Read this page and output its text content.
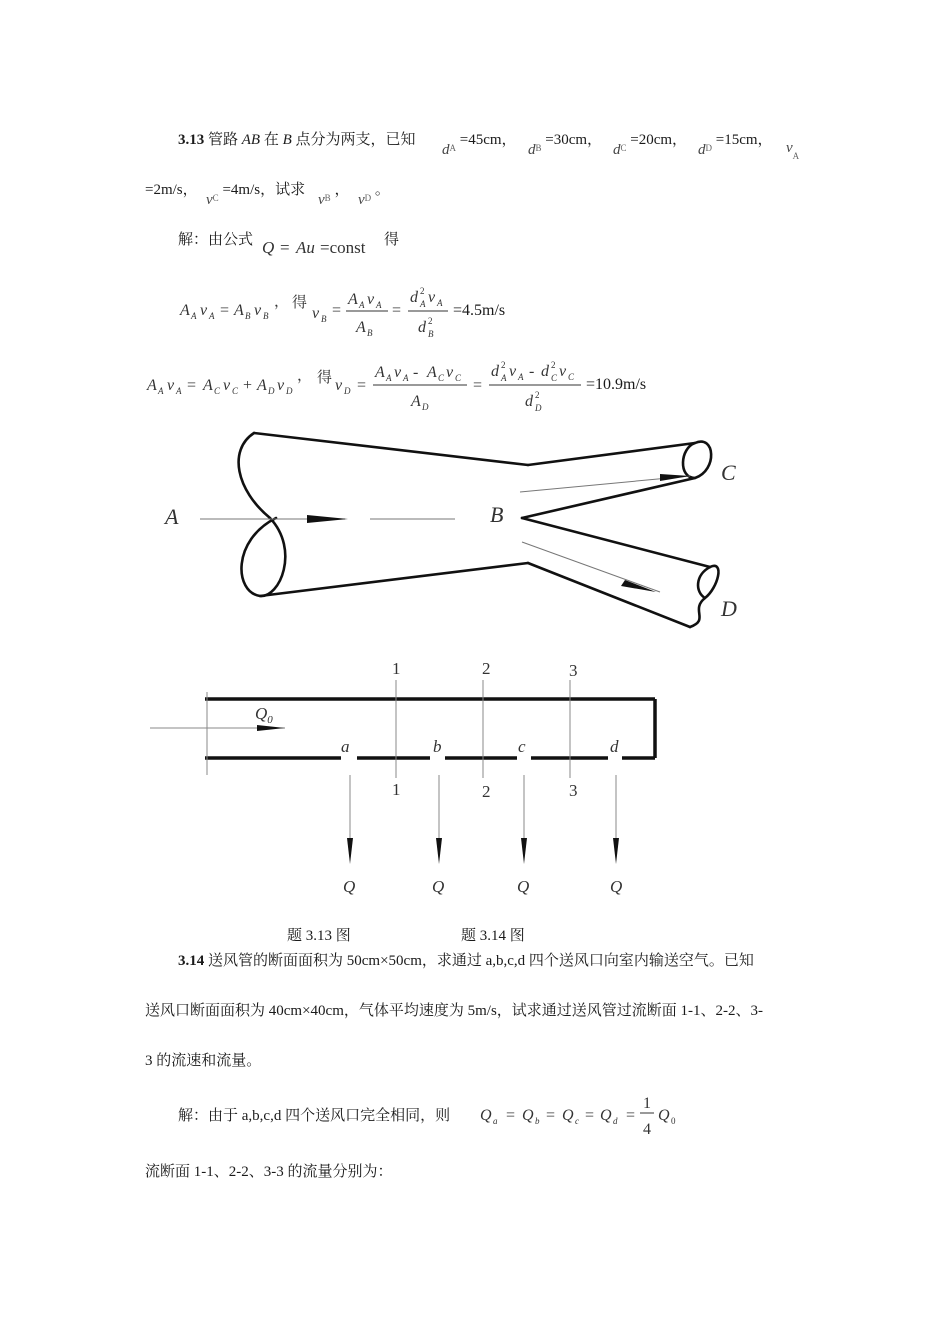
3.13 管路 AB 在 B 点分为两支，已知
$d_A =45cm$，
$d_B =30cm$，
$d_C =20cm$，
$d_D =15cm$， $v_A$
=2m/s，
$v_C =4m/s$，试求
$v_B$ ，
$v_D$ 。
解：由公式 Q = Au =const 得
A A v A = A B v B
， 得
v B =
A A v A
A B
=
d 2
A v A
d 2
B
=4.5m/s
A A v A = A C v C + A D v D
， 得 v D =
A A v A - A C v C
A D
=
d 2
A v A - d 2
C v C
d 2
D
=10.9m/s
A	B
C
D
$Q_0$
a	b	c	d
Q	Q	Q	Q
1	2	3
1	2	3
题 3.13 图	题 3.14 图
3.14 送风管的断面面积为 50cm×50cm，求通过 a,b,c,d 四个送风口向室内输送空气。已知
送风口断面面积为 40cm×40cm，气体平均速度为 5m/s，试求通过送风管过流断面 1-1、2-2、3-
3 的流速和流量。
解：由于 a,b,c,d 四个送风口完全相同，则 Q a = Q b = Q c = Q d =
1
4
Q 0
流断面 1-1、2-2、3-3 的流量分别为：
